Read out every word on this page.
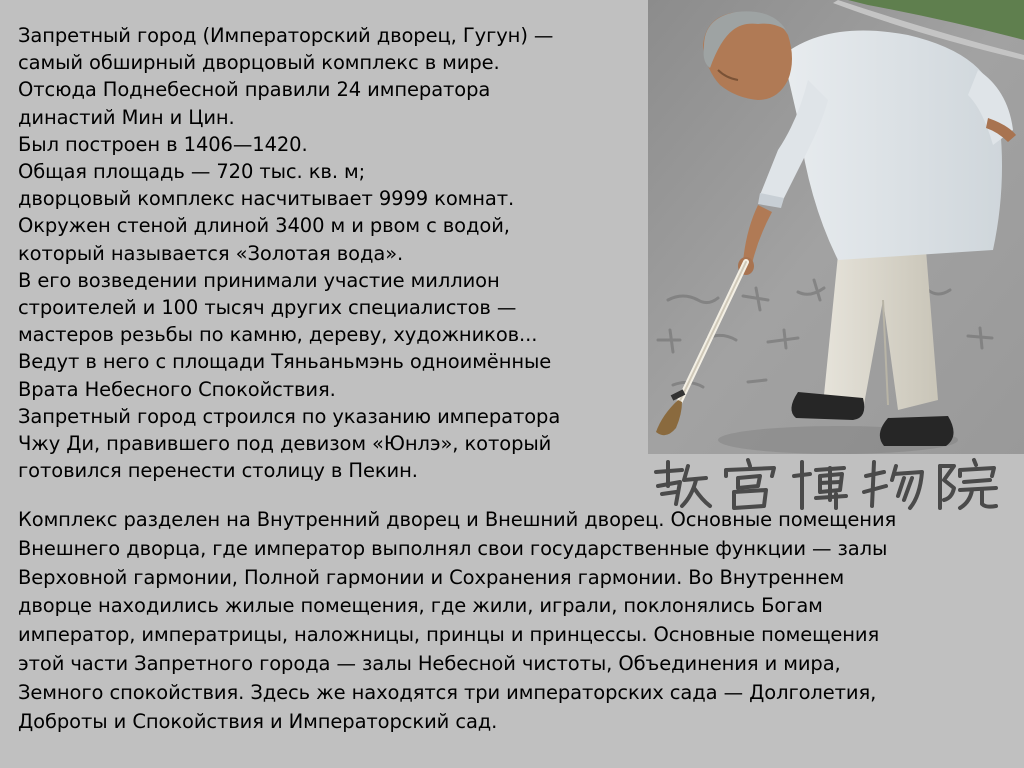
Запретный город (Императорский дворец, Гугун) —
самый обширный дворцовый комплекс в мире.
Отсюда Поднебесной правили 24 императора
династий Мин и Цин.
Был построен в 1406—1420.
Общая площадь — 720 тыс. кв. м;
дворцовый комплекс насчитывает 9999 комнат.
Окружен стеной длиной 3400 м и рвом с водой,
который называется «Золотая вода».
В его возведении принимали участие миллион
строителей и 100 тысяч других специалистов —
мастеров резьбы по камню, дереву, художников...
Ведут в него с площади Тяньаньмэнь одноимённые
Врата Небесного Спокойствия.
Запретный город строился по указанию императора
Чжу Ди, правившего под девизом «Юнлэ», который
готовился перенести столицу в Пекин.
Комплекс разделен на Внутренний дворец и Внешний дворец. Основные помещения
Внешнего дворца, где император выполнял свои государственные функции — залы
Верховной гармонии, Полной гармонии и Сохранения гармонии. Во Внутреннем
дворце находились жилые помещения, где жили, играли, поклонялись Богам
император, императрицы, наложницы, принцы и принцессы. Основные помещения
этой части Запретного города — залы Небесной чистоты, Объединения и мира,
Земного спокойствия. Здесь же находятся три императорских сада — Долголетия,
Доброты и Спокойствия и Императорский сад.
